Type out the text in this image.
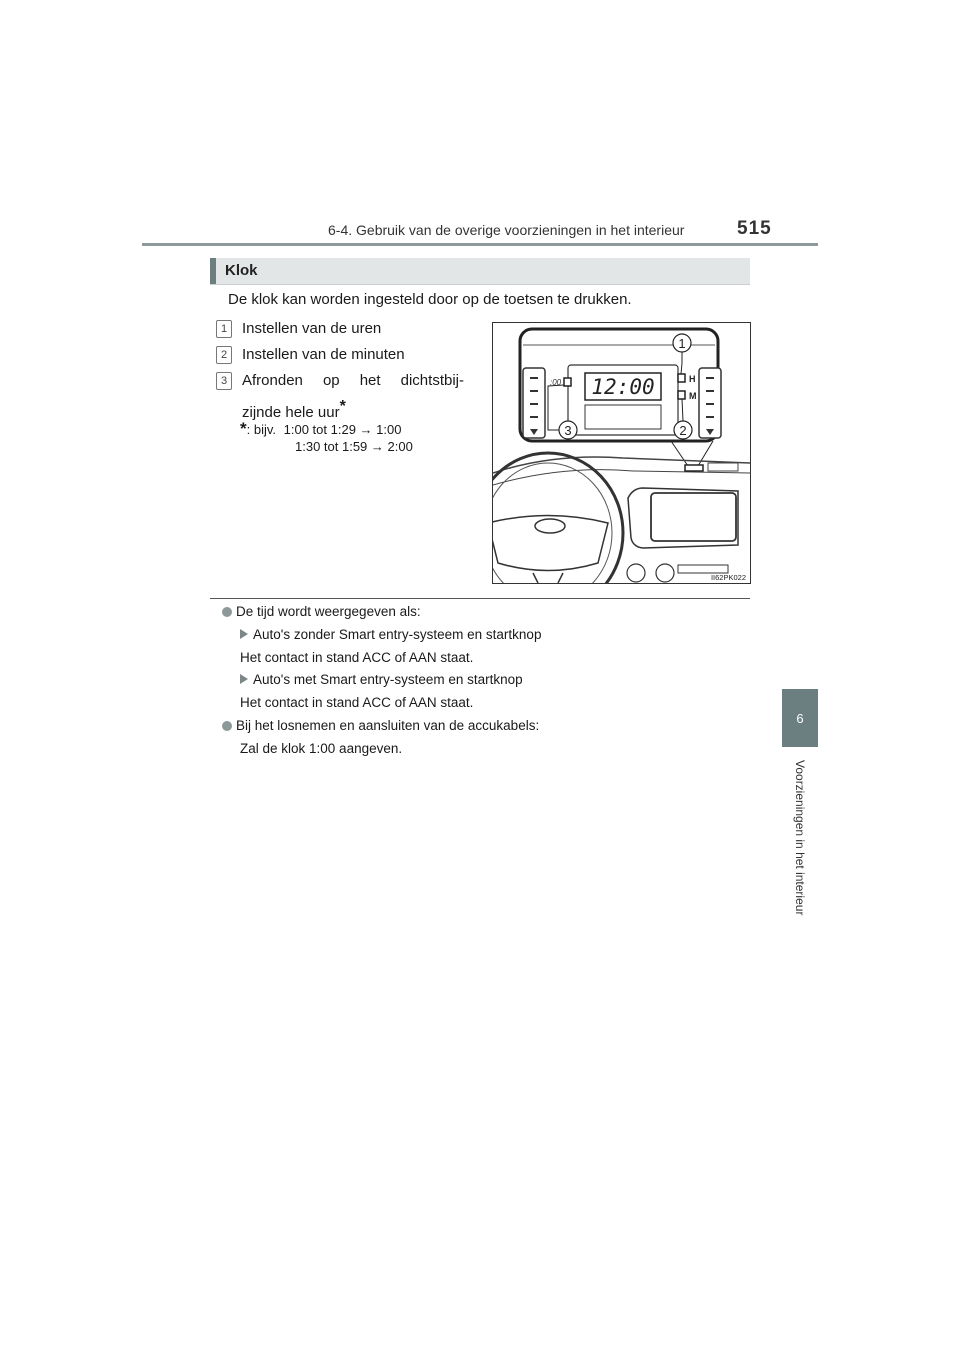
6-4. Gebruik van de overige voorzieningen in het interieur	515
6
Voorzieningen in het interieur
Klok
De klok kan worden ingesteld door op de toetsen te drukken.
1 Instellen van de uren
2 Instellen van de minuten
3 Afronden op het dichtstbij-
zijnde hele uur*
*: bijv. 1:00 tot 1:29 → 1:00
1:30 tot 1:59 → 2:00
12:00
:00	H
M
1
2
3
II62PK022
De tijd wordt weergegeven als:
Auto's zonder Smart entry-systeem en startknop
Het contact in stand ACC of AAN staat.
Auto's met Smart entry-systeem en startknop
Het contact in stand ACC of AAN staat.
Bij het losnemen en aansluiten van de accukabels:
Zal de klok 1:00 aangeven.
